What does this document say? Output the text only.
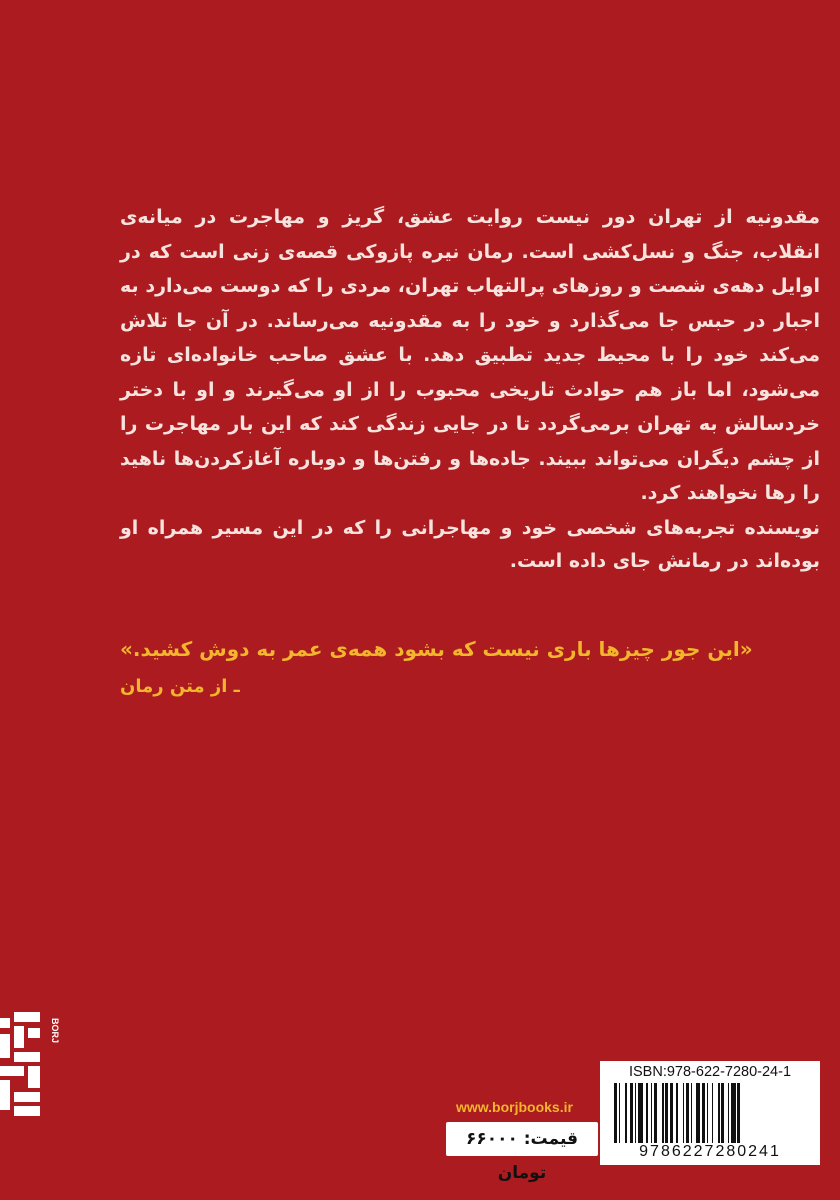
مقدونیه از تهران دور نیست روایت عشق، گریز و مهاجرت در میانه‌ی انقلاب، جنگ و نسل‌کشی است. رمان نیره پازوکی قصه‌ی زنی است که در اوایل دهه‌ی شصت و روزهای پرالتهاب تهران، مردی را که دوست می‌دارد به اجبار در حبس جا می‌گذارد و خود را به مقدونیه می‌رساند. در آن جا تلاش می‌کند خود را با محیط جدید تطبیق دهد. با عشق صاحب خانواده‌ای تازه می‌شود، اما باز هم حوادث تاریخی محبوب را از او می‌گیرند و او با دختر خردسالش به تهران برمی‌گردد تا در جایی زندگی کند که این بار مهاجرت را از چشم دیگران می‌تواند ببیند. جاده‌ها و رفتن‌ها و دوباره آغازکردن‌ها ناهید را رها نخواهند کرد.

نویسنده تجربه‌های شخصی خود و مهاجرانی را که در این مسیر همراه او بوده‌اند در رمانش جای داده است.

«این جور چیزها باری نیست که بشود همه‌ی عمر به دوش کشید.»

ـ از متن رمان

BORJ
www.borjbooks.ir
قیمت: ۶۶۰۰۰ تومان
ISBN:978-622-7280-24-1
9786227280241
